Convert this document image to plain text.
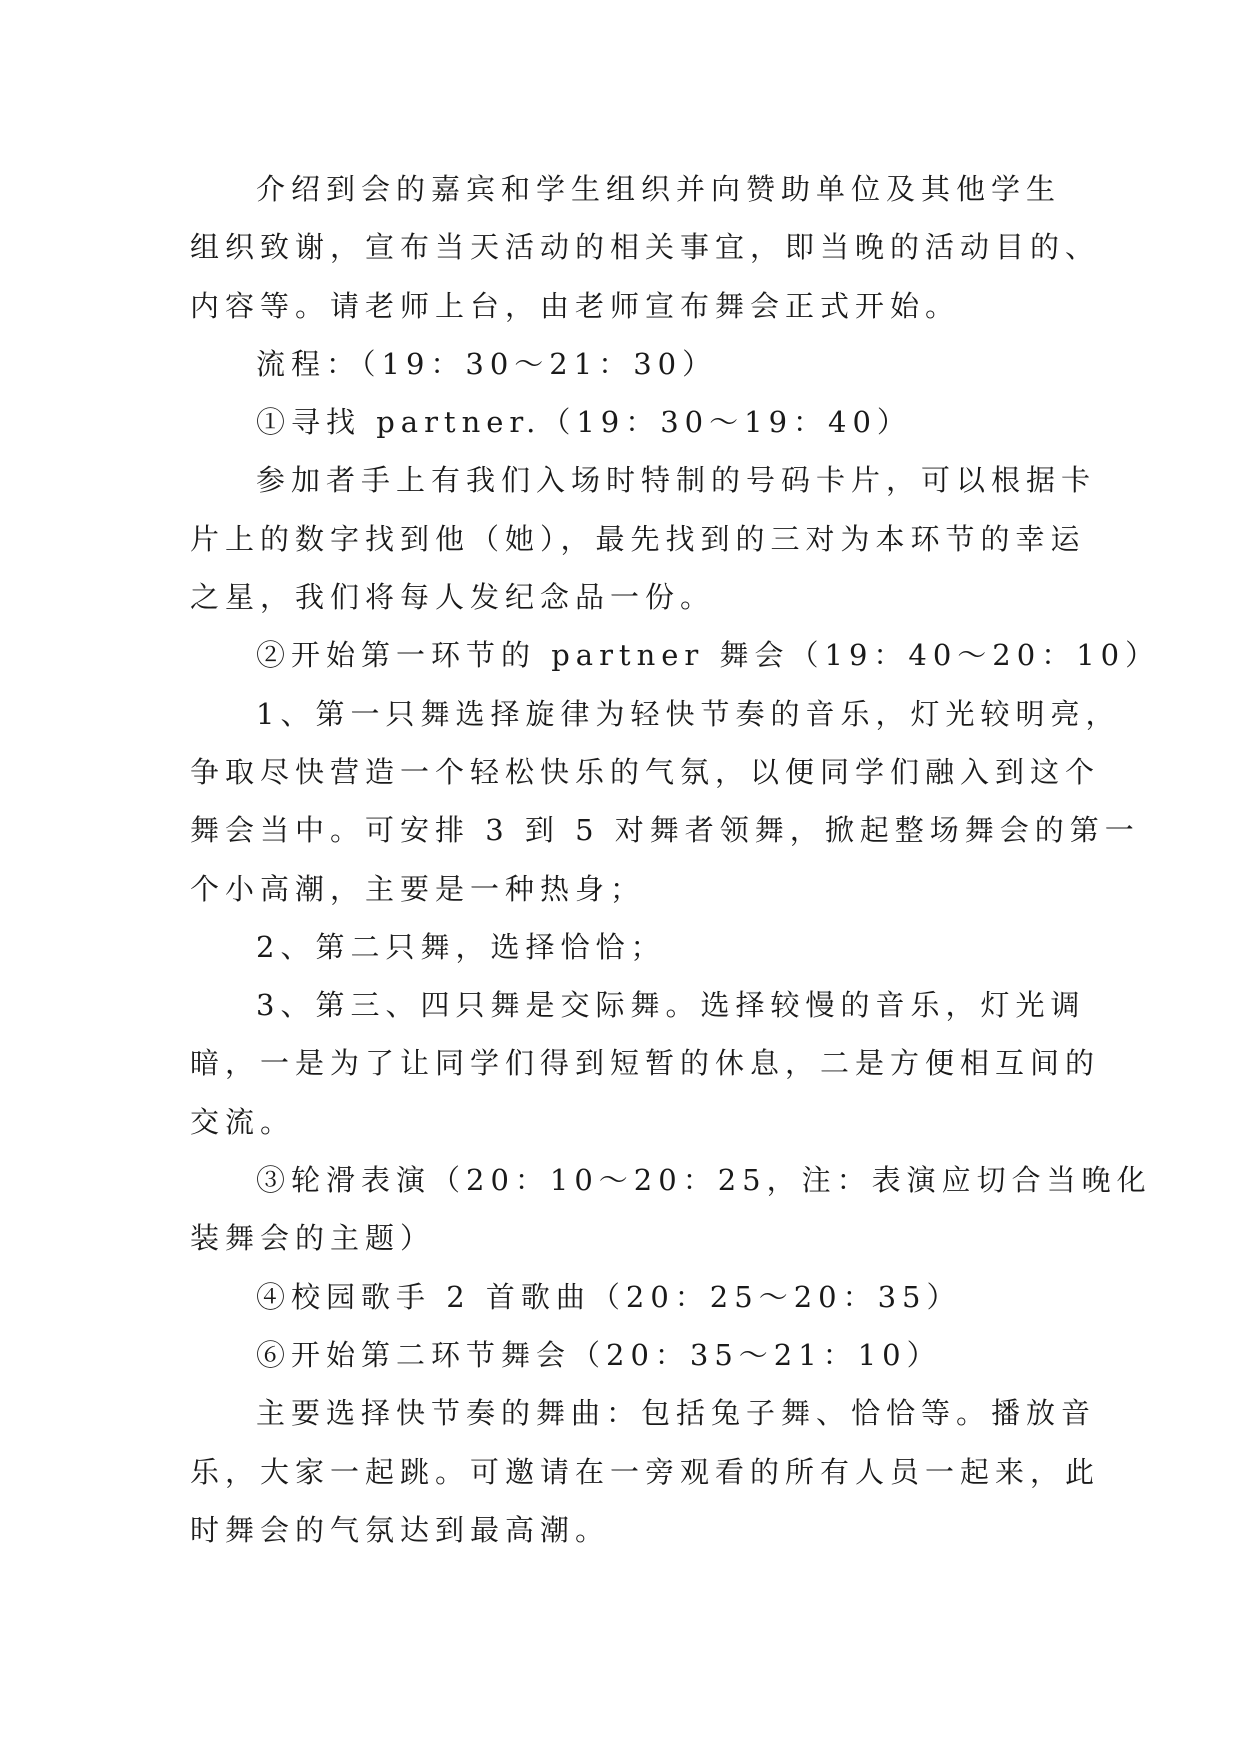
介绍到会的嘉宾和学生组织并向赞助单位及其他学生
组织致谢，宣布当天活动的相关事宜，即当晚的活动目的、
内容等。请老师上台，由老师宣布舞会正式开始。
流程：（19：30～21：30）
①寻找 partner.（19：30～19：40）
参加者手上有我们入场时特制的号码卡片，可以根据卡
片上的数字找到他（她），最先找到的三对为本环节的幸运
之星，我们将每人发纪念品一份。
②开始第一环节的 partner 舞会（19：40～20：10）
1、第一只舞选择旋律为轻快节奏的音乐，灯光较明亮，
争取尽快营造一个轻松快乐的气氛，以便同学们融入到这个
舞会当中。可安排 3 到 5 对舞者领舞，掀起整场舞会的第一
个小高潮，主要是一种热身；
2、第二只舞，选择恰恰；
3、第三、四只舞是交际舞。选择较慢的音乐，灯光调
暗，一是为了让同学们得到短暂的休息，二是方便相互间的
交流。
③轮滑表演（20：10～20：25，注：表演应切合当晚化
装舞会的主题）
④校园歌手 2 首歌曲（20：25～20：35）
⑥开始第二环节舞会（20：35～21：10）
主要选择快节奏的舞曲：包括兔子舞、恰恰等。播放音
乐，大家一起跳。可邀请在一旁观看的所有人员一起来，此
时舞会的气氛达到最高潮。
